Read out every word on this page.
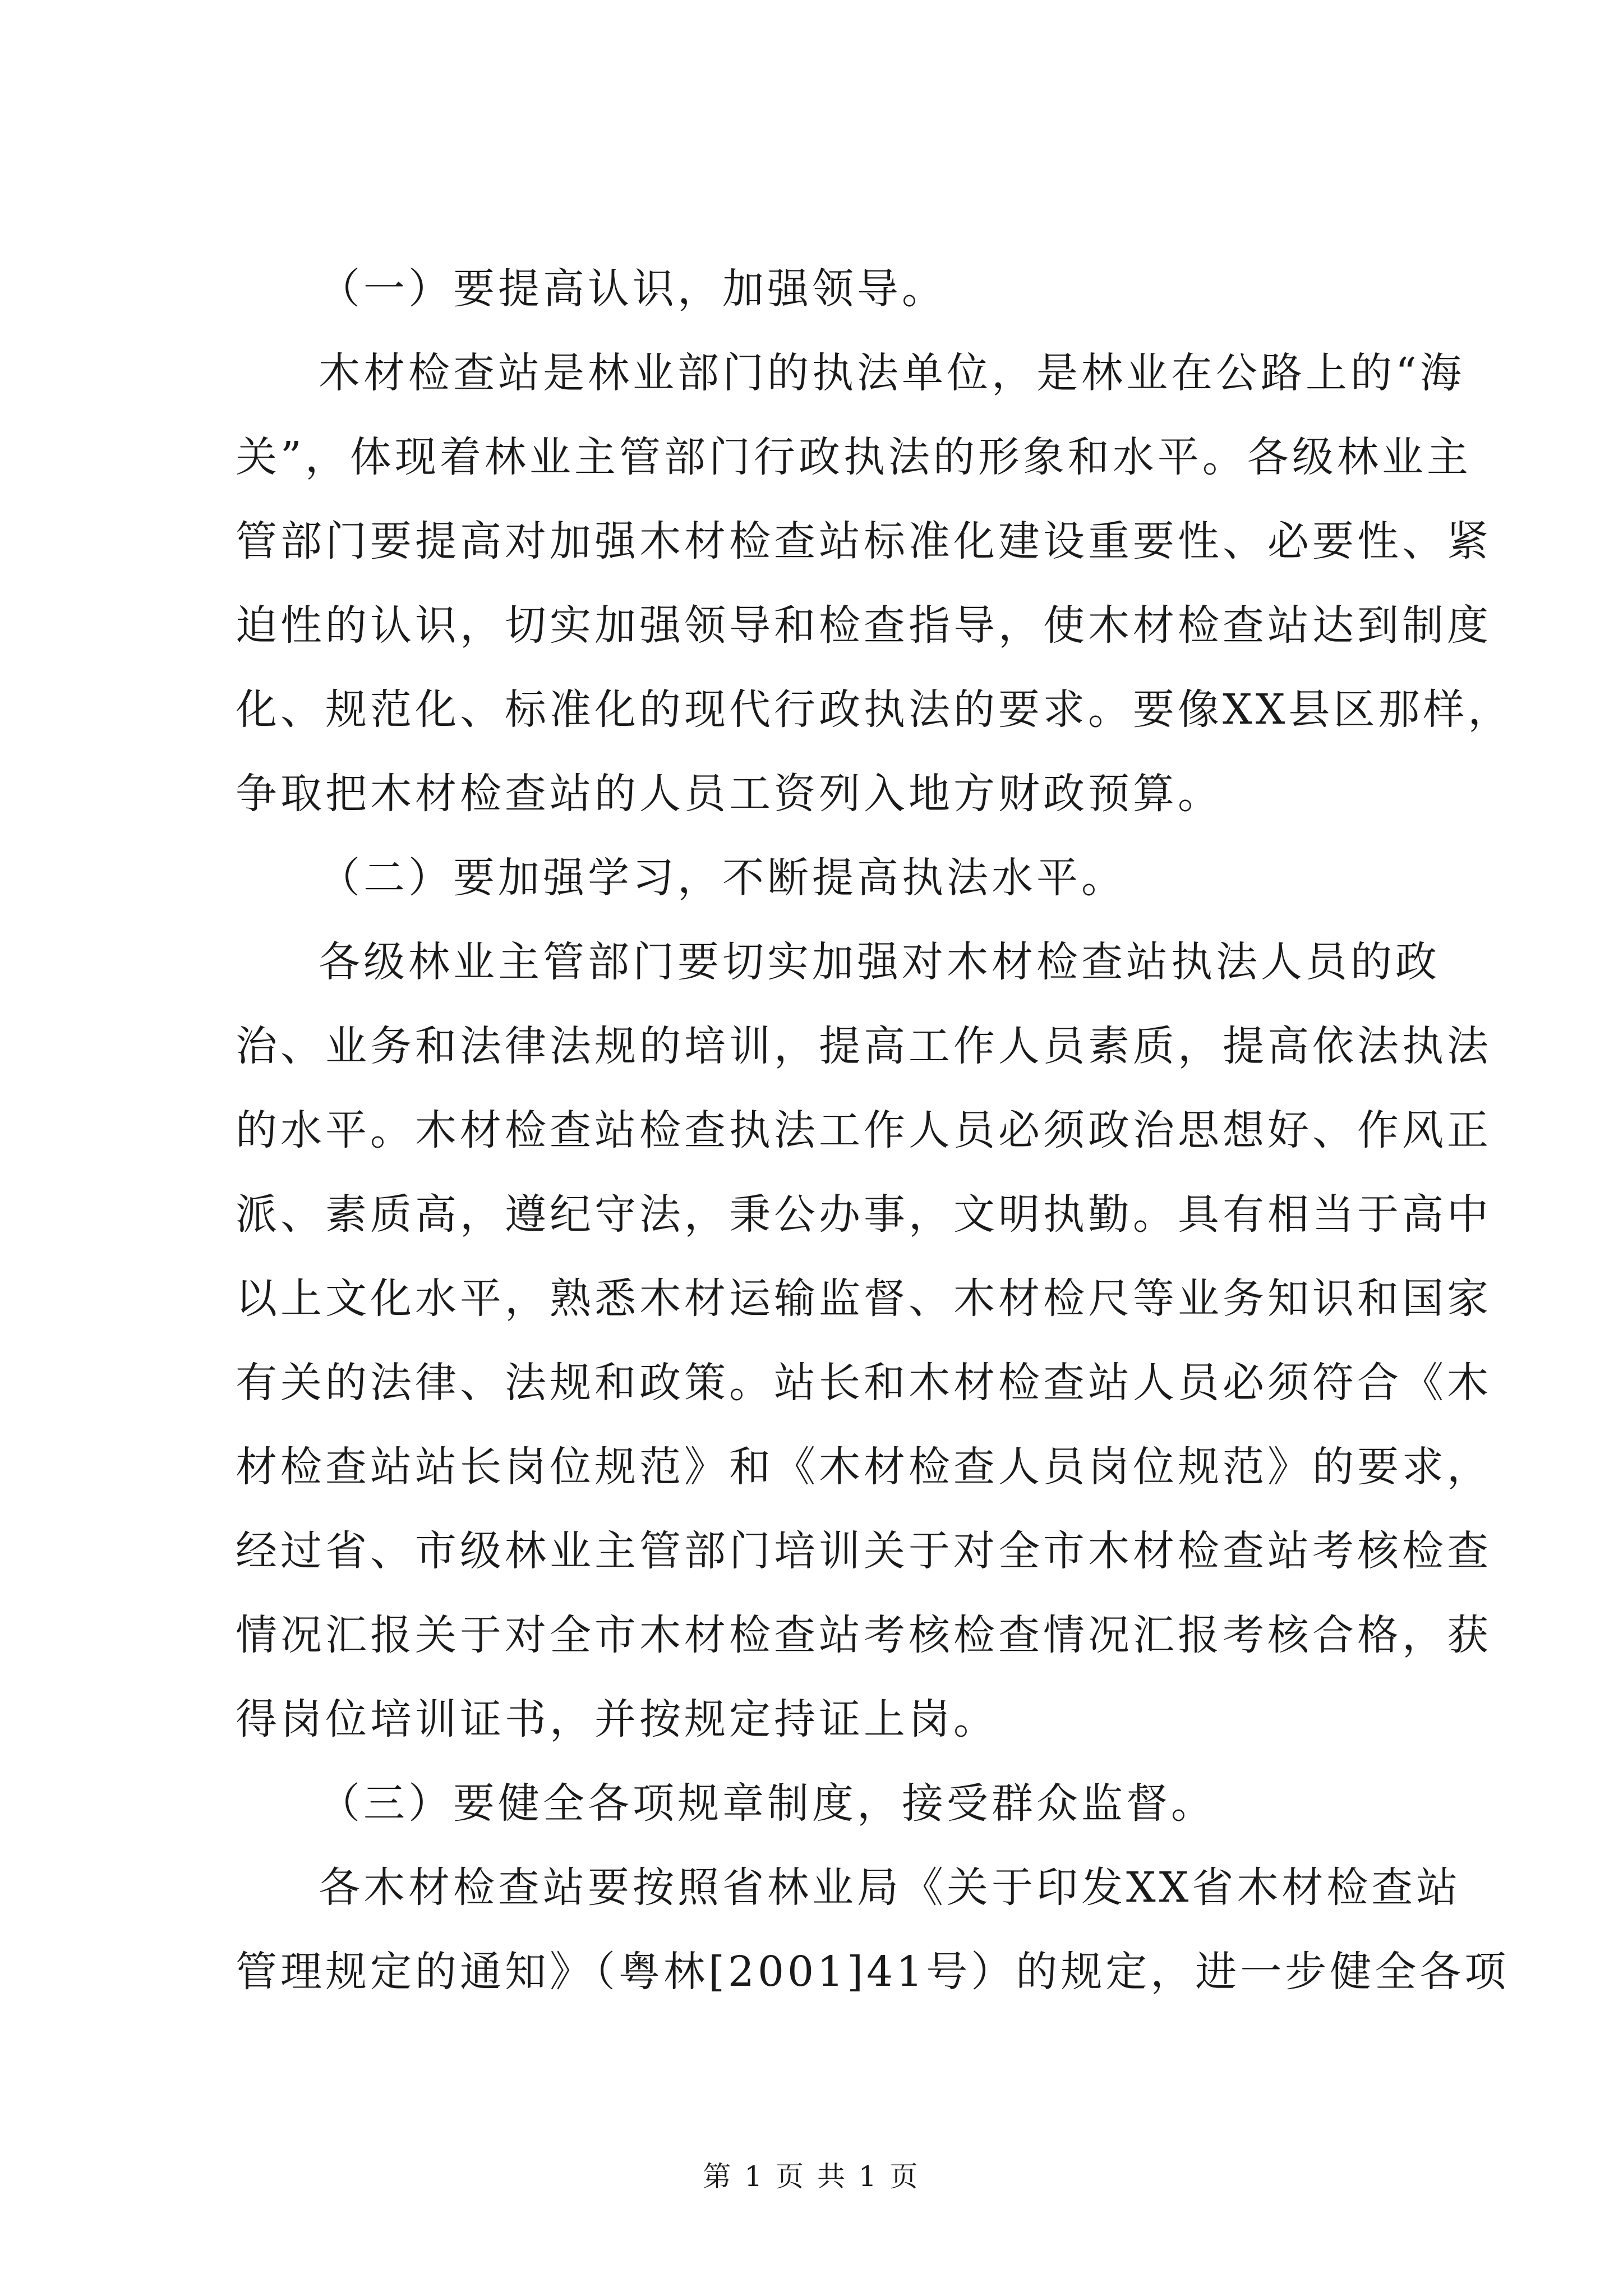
（一）要提高认识，加强领导。
木材检查站是林业部门的执法单位，是林业在公路上的“海
关”，体现着林业主管部门行政执法的形象和水平。各级林业主
管部门要提高对加强木材检查站标准化建设重要性、必要性、紧
迫性的认识，切实加强领导和检查指导，使木材检查站达到制度
化、规范化、标准化的现代行政执法的要求。要像XX县区那样，
争取把木材检查站的人员工资列入地方财政预算。
（二）要加强学习，不断提高执法水平。
各级林业主管部门要切实加强对木材检查站执法人员的政
治、业务和法律法规的培训，提高工作人员素质，提高依法执法
的水平。木材检查站检查执法工作人员必须政治思想好、作风正
派、素质高，遵纪守法，秉公办事，文明执勤。具有相当于高中
以上文化水平，熟悉木材运输监督、木材检尺等业务知识和国家
有关的法律、法规和政策。站长和木材检查站人员必须符合《木
材检查站站长岗位规范》和《木材检查人员岗位规范》的要求，
经过省、市级林业主管部门培训关于对全市木材检查站考核检查
情况汇报关于对全市木材检查站考核检查情况汇报考核合格，获
得岗位培训证书，并按规定持证上岗。
（三）要健全各项规章制度，接受群众监督。
各木材检查站要按照省林业局《关于印发XX省木材检查站
管理规定的通知》（粤林[2001]41号）的规定，进一步健全各项
第 1 页 共 1 页
